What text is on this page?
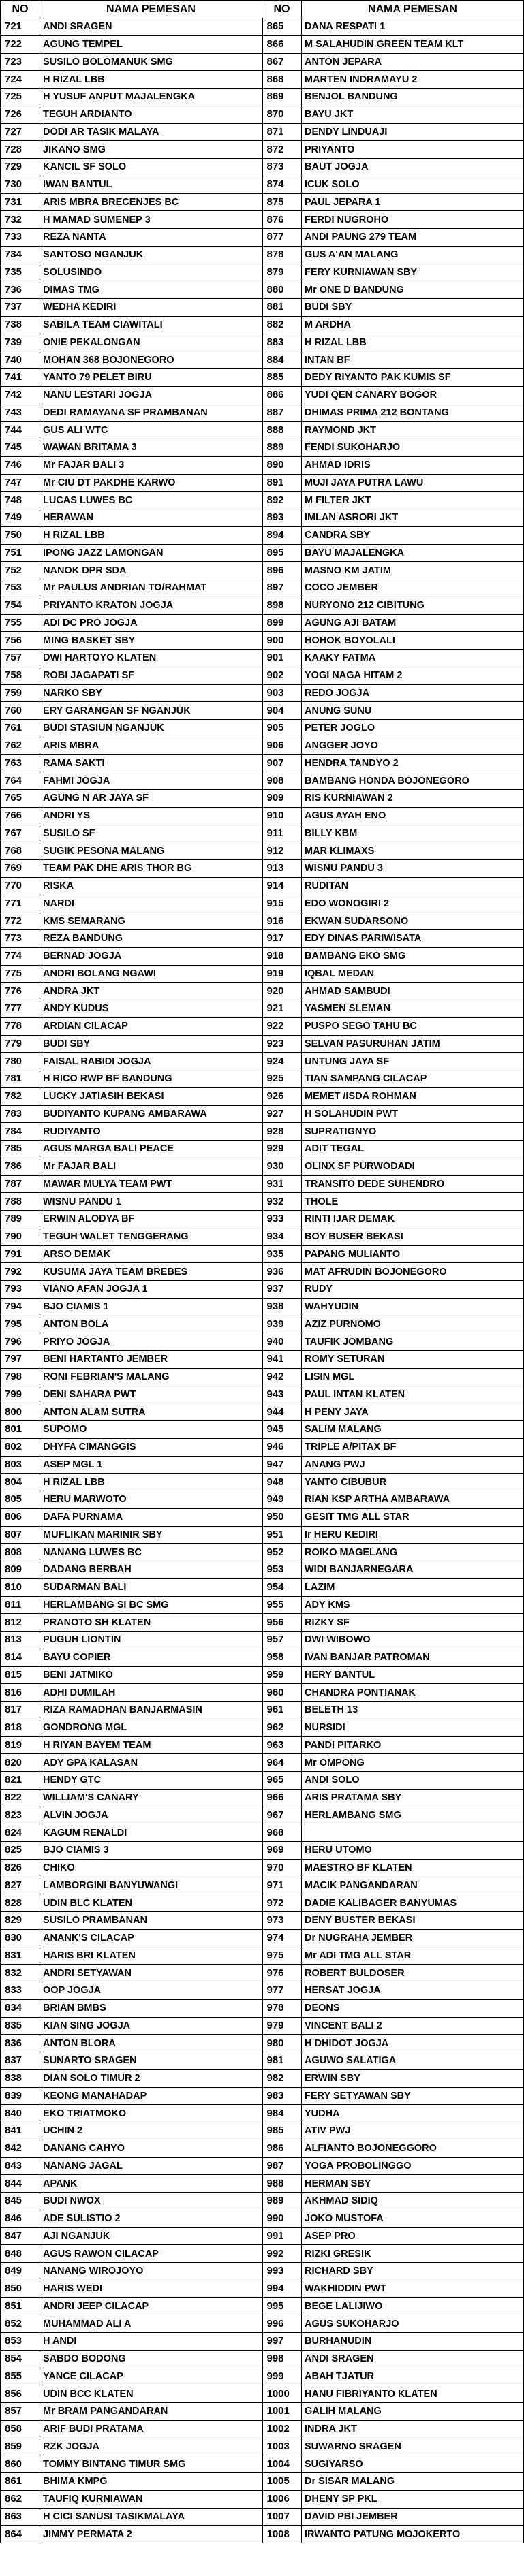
NO	NAMA PEMESAN	NO	NAMA PEMESAN
721	ANDI SRAGEN	865	DANA RESPATI 1
722	AGUNG TEMPEL	866	M SALAHUDIN GREEN TEAM KLT
723	SUSILO BOLOMANUK SMG	867	ANTON JEPARA
724	H RIZAL LBB	868	MARTEN INDRAMAYU 2
725	H YUSUF ANPUT MAJALENGKA	869	BENJOL BANDUNG
726	TEGUH ARDIANTO	870	BAYU JKT
727	DODI AR TASIK MALAYA	871	DENDY LINDUAJI
728	JIKANO SMG	872	PRIYANTO
729	KANCIL SF SOLO	873	BAUT JOGJA
730	IWAN BANTUL	874	ICUK SOLO
731	ARIS MBRA BRECENJES BC	875	PAUL JEPARA 1
732	H MAMAD SUMENEP 3	876	FERDI NUGROHO
733	REZA NANTA	877	ANDI PAUNG 279 TEAM
734	SANTOSO NGANJUK	878	GUS A'AN MALANG
735	SOLUSINDO	879	FERY KURNIAWAN SBY
736	DIMAS TMG	880	Mr ONE D BANDUNG
737	WEDHA KEDIRI	881	BUDI SBY
738	SABILA TEAM CIAWITALI	882	M ARDHA
739	ONIE PEKALONGAN	883	H RIZAL LBB
740	MOHAN 368 BOJONEGORO	884	INTAN BF
741	YANTO 79 PELET BIRU	885	DEDY RIYANTO PAK KUMIS SF
742	NANU LESTARI JOGJA	886	YUDI QEN CANARY BOGOR
743	DEDI RAMAYANA SF PRAMBANAN	887	DHIMAS PRIMA 212 BONTANG
744	GUS ALI WTC	888	RAYMOND JKT
745	WAWAN BRITAMA 3	889	FENDI SUKOHARJO
746	Mr FAJAR BALI 3	890	AHMAD IDRIS
747	Mr CIU DT PAKDHE KARWO	891	MUJI JAYA PUTRA LAWU
748	LUCAS LUWES BC	892	M FILTER JKT
749	HERAWAN	893	IMLAN ASRORI JKT
750	H RIZAL LBB	894	CANDRA SBY
751	IPONG JAZZ LAMONGAN	895	BAYU MAJALENGKA
752	NANOK DPR SDA	896	MASNO KM JATIM
753	Mr PAULUS ANDRIAN TO/RAHMAT	897	COCO JEMBER
754	PRIYANTO KRATON JOGJA	898	NURYONO 212 CIBITUNG
755	ADI DC PRO JOGJA	899	AGUNG AJI BATAM
756	MING BASKET SBY	900	HOHOK BOYOLALI
757	DWI HARTOYO KLATEN	901	KAAKY FATMA
758	ROBI JAGAPATI SF	902	YOGI NAGA HITAM 2
759	NARKO SBY	903	REDO JOGJA
760	ERY GARANGAN SF NGANJUK	904	ANUNG SUNU
761	BUDI STASIUN NGANJUK	905	PETER JOGLO
762	ARIS MBRA	906	ANGGER JOYO
763	RAMA SAKTI	907	HENDRA TANDYO 2
764	FAHMI JOGJA	908	BAMBANG HONDA BOJONEGORO
765	AGUNG N AR JAYA SF	909	RIS KURNIAWAN 2
766	ANDRI YS	910	AGUS AYAH ENO
767	SUSILO SF	911	BILLY KBM
768	SUGIK PESONA MALANG	912	MAR KLIMAXS
769	TEAM PAK DHE ARIS THOR BG	913	WISNU PANDU 3
770	RISKA	914	RUDITAN
771	NARDI	915	EDO WONOGIRI 2
772	KMS SEMARANG	916	EKWAN SUDARSONO
773	REZA BANDUNG	917	EDY DINAS PARIWISATA
774	BERNAD JOGJA	918	BAMBANG EKO SMG
775	ANDRI BOLANG NGAWI	919	IQBAL MEDAN
776	ANDRA JKT	920	AHMAD SAMBUDI
777	ANDY KUDUS	921	YASMEN SLEMAN
778	ARDIAN CILACAP	922	PUSPO SEGO TAHU BC
779	BUDI SBY	923	SELVAN PASURUHAN JATIM
780	FAISAL RABIDI JOGJA	924	UNTUNG JAYA SF
781	H RICO RWP BF BANDUNG	925	TIAN SAMPANG CILACAP
782	LUCKY JATIASIH BEKASI	926	MEMET /ISDA ROHMAN
783	BUDIYANTO KUPANG AMBARAWA	927	H SOLAHUDIN PWT
784	RUDIYANTO	928	SUPRATIGNYO
785	AGUS MARGA BALI PEACE	929	ADIT TEGAL
786	Mr FAJAR BALI	930	OLINX SF PURWODADI
787	MAWAR MULYA TEAM PWT	931	TRANSITO DEDE SUHENDRO
788	WISNU PANDU 1	932	THOLE
789	ERWIN ALODYA BF	933	RINTI IJAR DEMAK
790	TEGUH WALET TENGGERANG	934	BOY BUSER BEKASI
791	ARSO DEMAK	935	PAPANG MULIANTO
792	KUSUMA JAYA TEAM BREBES	936	MAT AFRUDIN BOJONEGORO
793	VIANO AFAN JOGJA 1	937	RUDY
794	BJO CIAMIS 1	938	WAHYUDIN
795	ANTON BOLA	939	AZIZ PURNOMO
796	PRIYO JOGJA	940	TAUFIK JOMBANG
797	BENI HARTANTO JEMBER	941	ROMY SETURAN
798	RONI FEBRIAN'S MALANG	942	LISIN MGL
799	DENI SAHARA PWT	943	PAUL INTAN KLATEN
800	ANTON ALAM SUTRA	944	H PENY JAYA
801	SUPOMO	945	SALIM MALANG
802	DHYFA CIMANGGIS	946	TRIPLE A/PITAX BF
803	ASEP MGL 1	947	ANANG PWJ
804	H RIZAL LBB	948	YANTO CIBUBUR
805	HERU MARWOTO	949	RIAN KSP ARTHA AMBARAWA
806	DAFA PURNAMA	950	GESIT TMG ALL STAR
807	MUFLIKAN MARINIR SBY	951	Ir HERU KEDIRI
808	NANANG LUWES BC	952	ROIKO MAGELANG
809	DADANG BERBAH	953	WIDI BANJARNEGARA
810	SUDARMAN BALI	954	LAZIM
811	HERLAMBANG SI BC SMG	955	ADY KMS
812	PRANOTO SH KLATEN	956	RIZKY SF
813	PUGUH LIONTIN	957	DWI WIBOWO
814	BAYU COPIER	958	IVAN BANJAR PATROMAN
815	BENI JATMIKO	959	HERY BANTUL
816	ADHI DUMILAH	960	CHANDRA PONTIANAK
817	RIZA RAMADHAN BANJARMASIN	961	BELETH 13
818	GONDRONG MGL	962	NURSIDI
819	H RIYAN BAYEM TEAM	963	PANDI PITARKO
820	ADY GPA KALASAN	964	Mr OMPONG
821	HENDY GTC	965	ANDI SOLO
822	WILLIAM'S CANARY	966	ARIS PRATAMA SBY
823	ALVIN JOGJA	967	HERLAMBANG SMG
824	KAGUM RENALDI	968	
825	BJO CIAMIS 3	969	HERU UTOMO
826	CHIKO	970	MAESTRO BF KLATEN
827	LAMBORGINI BANYUWANGI	971	MACIK PANGANDARAN
828	UDIN BLC KLATEN	972	DADIE KALIBAGER BANYUMAS
829	SUSILO PRAMBANAN	973	DENY BUSTER BEKASI
830	ANANK'S CILACAP	974	Dr NUGRAHA JEMBER
831	HARIS BRI KLATEN	975	Mr ADI TMG ALL STAR
832	ANDRI SETYAWAN	976	ROBERT BULDOSER
833	OOP JOGJA	977	HERSAT JOGJA
834	BRIAN BMBS	978	DEONS
835	KIAN SING JOGJA	979	VINCENT BALI 2
836	ANTON BLORA	980	H DHIDOT JOGJA
837	SUNARTO SRAGEN	981	AGUWO SALATIGA
838	DIAN SOLO TIMUR 2	982	ERWIN SBY
839	KEONG MANAHADAP	983	FERY SETYAWAN SBY
840	EKO TRIATMOKO	984	YUDHA
841	UCHIN 2	985	ATIV PWJ
842	DANANG CAHYO	986	ALFIANTO BOJONEGGORO
843	NANANG JAGAL	987	YOGA PROBOLINGGO
844	APANK	988	HERMAN SBY
845	BUDI NWOX	989	AKHMAD SIDIQ
846	ADE SULISTIO 2	990	JOKO MUSTOFA
847	AJI NGANJUK	991	ASEP PRO
848	AGUS RAWON CILACAP	992	RIZKI GRESIK
849	NANANG WIROJOYO	993	RICHARD SBY
850	HARIS WEDI	994	WAKHIDDIN PWT
851	ANDRI JEEP CILACAP	995	BEGE LALIJIWO
852	MUHAMMAD ALI A	996	AGUS SUKOHARJO
853	H ANDI	997	BURHANUDIN
854	SABDO BODONG	998	ANDI SRAGEN
855	YANCE CILACAP	999	ABAH TJATUR
856	UDIN BCC KLATEN	1000	HANU FIBRIYANTO KLATEN
857	Mr BRAM PANGANDARAN	1001	GALIH MALANG
858	ARIF BUDI PRATAMA	1002	INDRA JKT
859	RZK JOGJA	1003	SUWARNO SRAGEN
860	TOMMY BINTANG TIMUR SMG	1004	SUGIYARSO
861	BHIMA KMPG	1005	Dr SISAR MALANG
862	TAUFIQ KURNIAWAN	1006	DHENY SP PKL
863	H CICI SANUSI TASIKMALAYA	1007	DAVID PBI JEMBER
864	JIMMY PERMATA 2	1008	IRWANTO PATUNG MOJOKERTO
